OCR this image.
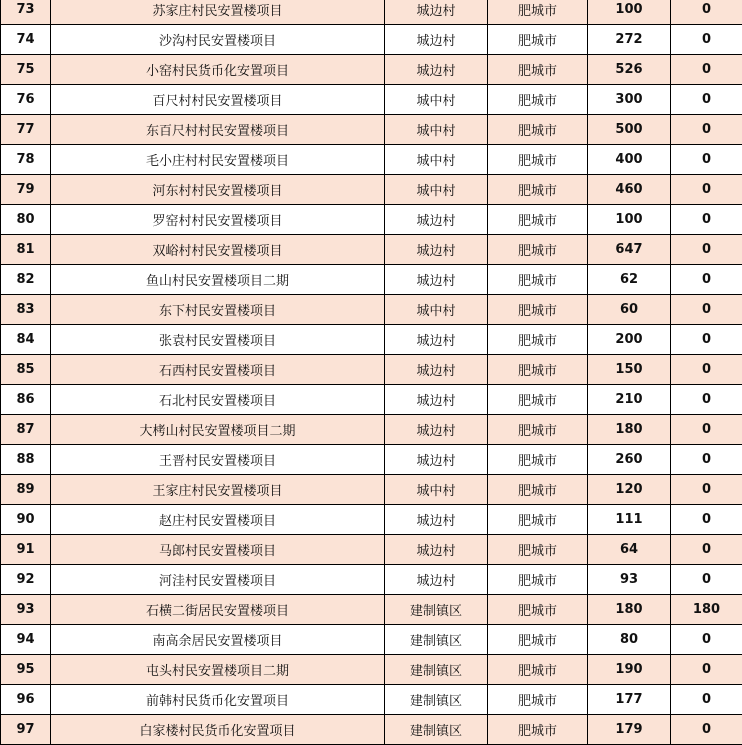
73	苏家庄村民安置楼项目	城边村	肥城市	100	0
74	沙沟村民安置楼项目	城边村	肥城市	272	0
75	小窑村民货币化安置项目	城边村	肥城市	526	0
76	百尺村村民安置楼项目	城中村	肥城市	300	0
77	东百尺村村民安置楼项目	城中村	肥城市	500	0
78	毛小庄村村民安置楼项目	城中村	肥城市	400	0
79	河东村村民安置楼项目	城中村	肥城市	460	0
80	罗窑村村民安置楼项目	城边村	肥城市	100	0
81	双峪村村民安置楼项目	城边村	肥城市	647	0
82	鱼山村民安置楼项目二期	城边村	肥城市	62	0
83	东下村民安置楼项目	城中村	肥城市	60	0
84	张袁村民安置楼项目	城边村	肥城市	200	0
85	石西村民安置楼项目	城边村	肥城市	150	0
86	石北村民安置楼项目	城边村	肥城市	210	0
87	大栲山村民安置楼项目二期	城边村	肥城市	180	0
88	王晋村民安置楼项目	城边村	肥城市	260	0
89	王家庄村民安置楼项目	城中村	肥城市	120	0
90	赵庄村民安置楼项目	城边村	肥城市	111	0
91	马郎村民安置楼项目	城边村	肥城市	64	0
92	河洼村民安置楼项目	城边村	肥城市	93	0
93	石横二街居民安置楼项目	建制镇区	肥城市	180	180
94	南高余居民安置楼项目	建制镇区	肥城市	80	0
95	屯头村民安置楼项目二期	建制镇区	肥城市	190	0
96	前韩村民货币化安置项目	建制镇区	肥城市	177	0
97	白家楼村民货币化安置项目	建制镇区	肥城市	179	0
